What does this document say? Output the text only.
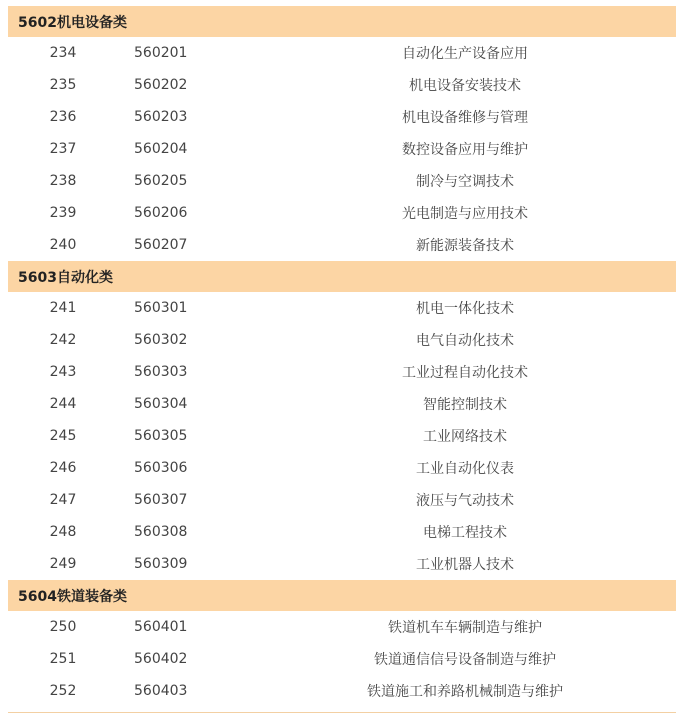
5602机电设备类
234	560201	自动化生产设备应用
235	560202	机电设备安装技术
236	560203	机电设备维修与管理
237	560204	数控设备应用与维护
238	560205	制冷与空调技术
239	560206	光电制造与应用技术
240	560207	新能源装备技术
5603自动化类
241	560301	机电一体化技术
242	560302	电气自动化技术
243	560303	工业过程自动化技术
244	560304	智能控制技术
245	560305	工业网络技术
246	560306	工业自动化仪表
247	560307	液压与气动技术
248	560308	电梯工程技术
249	560309	工业机器人技术
5604铁道装备类
250	560401	铁道机车车辆制造与维护
251	560402	铁道通信信号设备制造与维护
252	560403	铁道施工和养路机械制造与维护
